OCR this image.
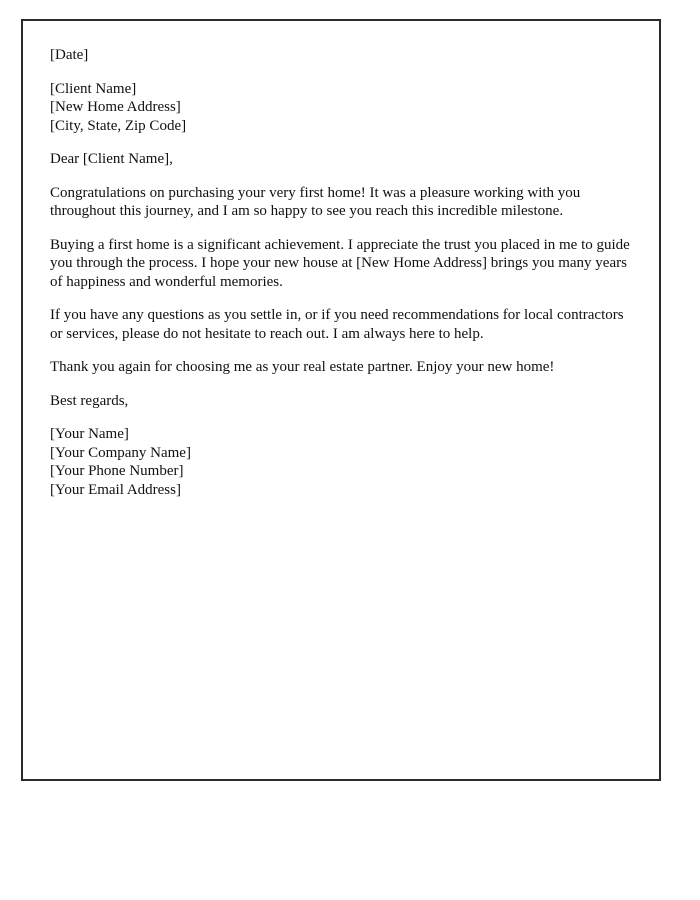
[Date]

[Client Name]
[New Home Address]
[City, State, Zip Code]

Dear [Client Name],

Congratulations on purchasing your very first home! It was a pleasure working with you throughout this journey, and I am so happy to see you reach this incredible milestone.

Buying a first home is a significant achievement. I appreciate the trust you placed in me to guide you through the process. I hope your new house at [New Home Address] brings you many years of happiness and wonderful memories.

If you have any questions as you settle in, or if you need recommendations for local contractors or services, please do not hesitate to reach out. I am always here to help.

Thank you again for choosing me as your real estate partner. Enjoy your new home!

Best regards,

[Your Name]
[Your Company Name]
[Your Phone Number]
[Your Email Address]
